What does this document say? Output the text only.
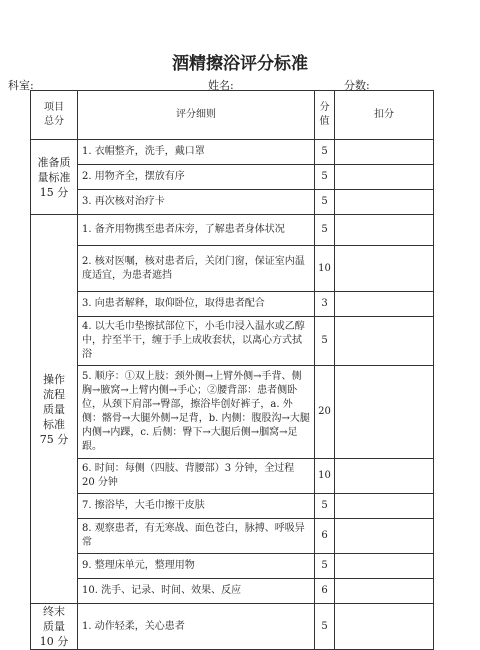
酒精擦浴评分标准
科室:	姓名:	分数:
项目
总分	评分细则	分
值	扣分
准备质
量标准
15 分	1. 衣帽整齐，洗手，戴口罩	5	
	2. 用物齐全，摆放有序	5	
	3. 再次核对治疗卡	5	
操作
流程
质量
标准
75 分	1. 备齐用物携至患者床旁，了解患者身体状况	5	
	2. 核对医嘱，核对患者后，关闭门窗，保证室内温度适宜，为患者遮挡	10	
	3. 向患者解释，取仰卧位，取得患者配合	3	
	4. 以大毛巾垫擦拭部位下，小毛巾浸入温水或乙醇中，拧至半干，缠于手上成收套状，以离心方式拭浴	5	
	5. 顺序：①双上肢：颈外侧→上臂外侧→手背、侧胸→腋窝→上臂内侧→手心；②腰背部：患者侧卧位，从颈下肩部→臀部，擦浴毕创好裤子，a. 外侧：髂骨→大腿外侧→足背，b. 内侧：腹股沟→大腿内侧→内踝，c. 后侧：臀下→大腿后侧→腘窝→足跟。	20	
	6. 时间：每侧（四肢、背腰部）3 分钟，全过程 20 分钟	10	
	7. 擦浴毕，大毛巾擦干皮肤	5	
	8. 观察患者，有无寒战、面色苍白，脉搏、呼吸异常	6	
	9. 整理床单元，整理用物	5	
	10. 洗手、记录、时间、效果、反应	6	
终末
质量
10 分	1. 动作轻柔，关心患者	5	
